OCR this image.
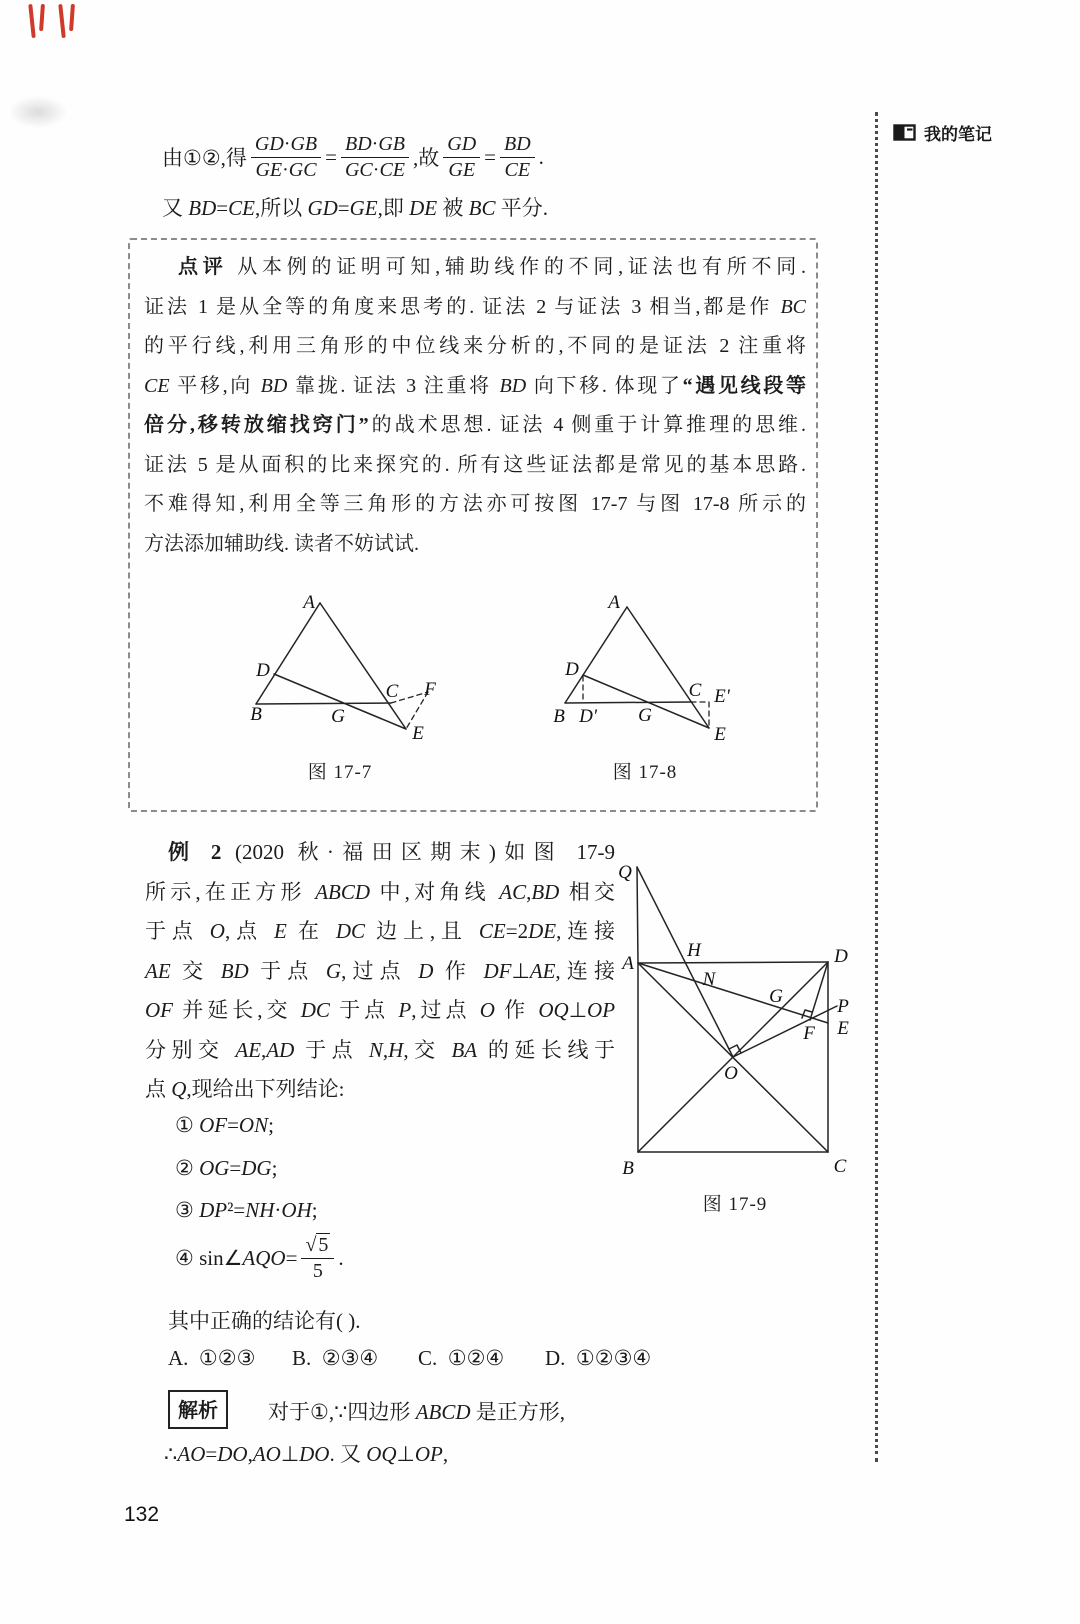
我的笔记
由①②,得 $\frac{GD\cdot GB}{GE\cdot GC} = \frac{BD\cdot GB}{GC\cdot CE}$ ,故 $\frac{GD}{GE} = \frac{BD}{CE}$ .
又 BD=CE,所以 GD=GE,即 DE 被 BC 平分.
点评 从本例的证明可知,辅助线作的不同,证法也有所不同.
证法 1 是从全等的角度来思考的. 证法 2 与证法 3 相当,都是作 BC
的平行线,利用三角形的中位线来分析的,不同的是证法 2 注重将
CE 平移,向 BD 靠拢. 证法 3 注重将 BD 向下移. 体现了“遇见线段等
倍分,移转放缩找窍门”的战术思想. 证法 4 侧重于计算推理的思维.
证法 5 是从面积的比来探究的. 所有这些证法都是常见的基本思路.
不难得知,利用全等三角形的方法亦可按图 17-7 与图 17-8 所示的
方法添加辅助线. 读者不妨试试.
A
D
B	G
C F
E
A
D
B D' G
C E'
E
图 17-7	图 17-8
例 2 (2020 秋·福田区期末)如图 17-9
所示,在正方形 ABCD 中,对角线 AC,BD 相交
于点 O,点 E 在 DC 边上,且 CE=2DE,连接
AE 交 BD 于点 G,过点 D 作 DF⊥AE,连接
OF 并延长,交 DC 于点 P,过点 O 作 OQ⊥OP
分别交 AE,AD 于点 N,H,交 BA 的延长线于
点 Q,现给出下列结论:
① OF=ON;
② OG=DG;
③ DP²=NH·OH;
④ sin∠AQO= $\frac{√ 5}{5}$ .
Q
A
H
N
D
G	P
E
F
O
B	C
图 17-9
其中正确的结论有( ).
A.  ①②③ B.  ②③④ C.  ①②④ D.  ①②③④
解析	对于①,∵四边形 ABCD 是正方形,
∴AO=DO,AO⊥DO. 又 OQ⊥OP,
132
